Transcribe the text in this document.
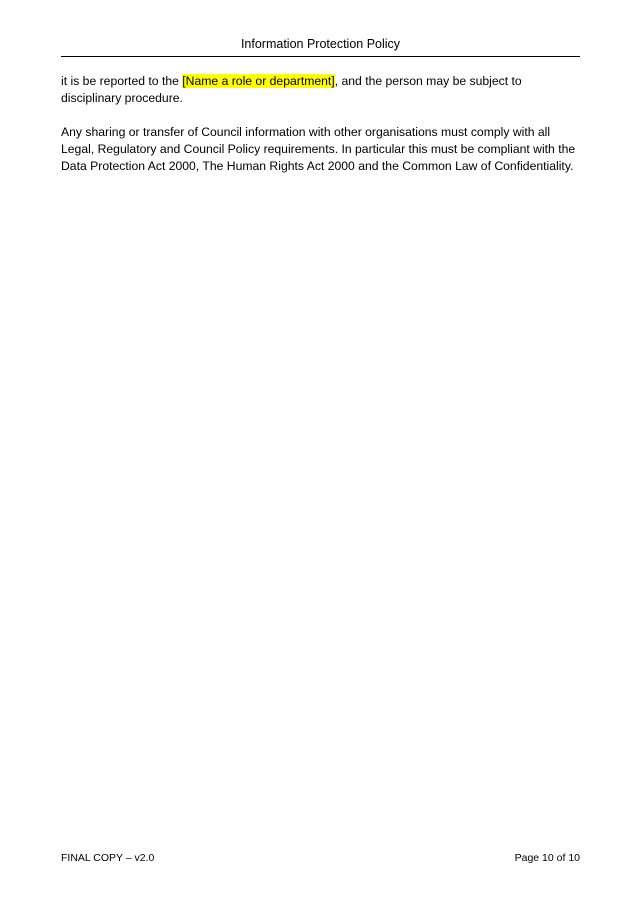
Information Protection Policy

it is be reported to the [Name a role or department], and the person may be subject to disciplinary procedure.

Any sharing or transfer of Council information with other organisations must comply with all Legal, Regulatory and Council Policy requirements. In particular this must be compliant with the Data Protection Act 2000, The Human Rights Act 2000 and the Common Law of Confidentiality.

FINAL COPY – v2.0	Page 10 of 10
